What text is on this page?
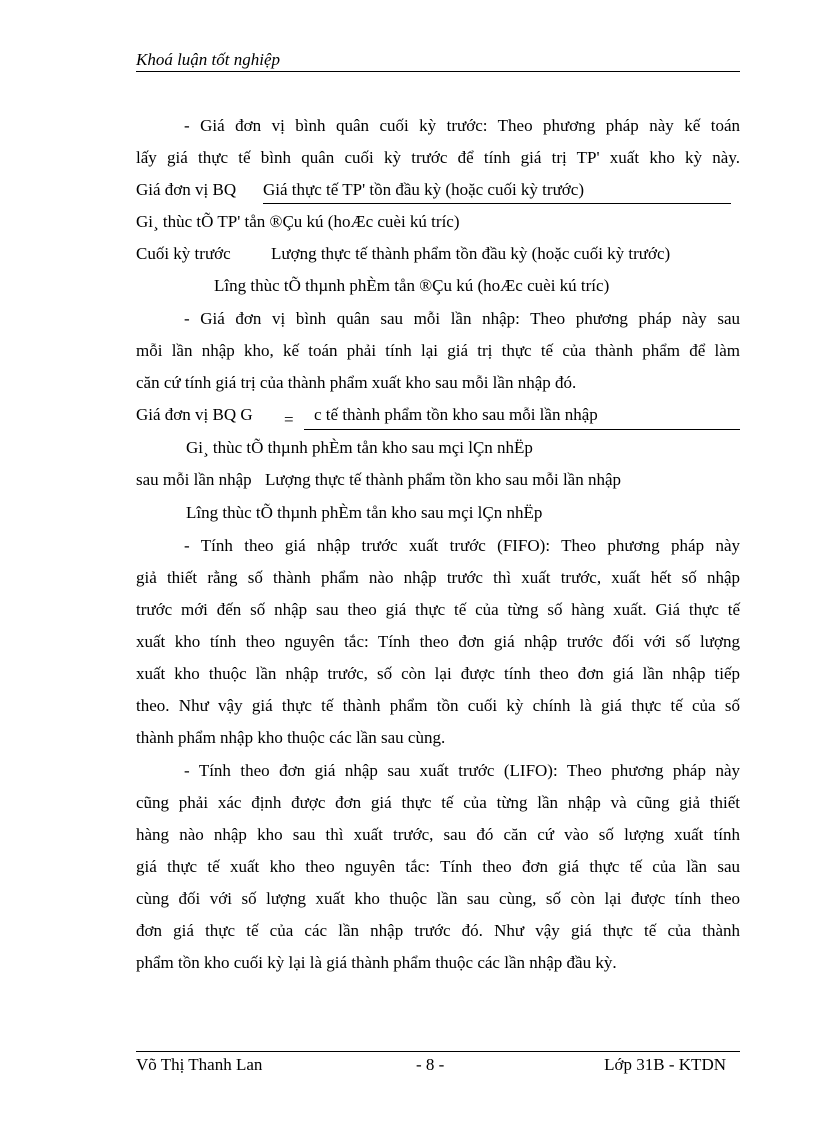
Khoá luận tốt nghiệp
- Giá đơn vị bình quân cuối kỳ trước: Theo phương pháp này kế toán
lấy giá thực tế bình quân cuối kỳ trước để tính giá trị TP' xuất kho kỳ này.
Giá đơn vị BQ Giá thực tế TP' tồn đầu kỳ (hoặc cuối kỳ trước)
Gi¸ thùc tÕ TP' tån ®Çu kú (hoÆc cuèi kú tríc)
Cuối kỳ trước Lượng thực tế thành phẩm tồn đầu kỳ (hoặc cuối kỳ trước)
Lîng thùc tÕ thµnh phÈm tån ®Çu kú (hoÆc cuèi kú tríc)
- Giá đơn vị bình quân sau mỗi lần nhập: Theo phương pháp này sau
mỗi lần nhập kho, kế toán phải tính lại giá trị thực tế của thành phẩm để làm
căn cứ tính giá trị của thành phẩm xuất kho sau mỗi lần nhập đó.
Giá đơn vị BQ G = c tế thành phẩm tồn kho sau mỗi lần nhập
Gi¸ thùc tÕ thµnh phÈm tån kho sau mçi lÇn nhËp
sau mỗi lần nhập Lượng thực tế thành phẩm tồn kho sau mỗi lần nhập
Lîng thùc tÕ thµnh phÈm tån kho sau mçi lÇn nhËp
- Tính theo giá nhập trước xuất trước (FIFO): Theo phương pháp này
giả thiết rằng số thành phẩm nào nhập trước thì xuất trước, xuất hết số nhập
trước mới đến số nhập sau theo giá thực tế của từng số hàng xuất. Giá thực tế
xuất kho tính theo nguyên tắc: Tính theo đơn giá nhập trước đối với số lượng
xuất kho thuộc lần nhập trước, số còn lại được tính theo đơn giá lần nhập tiếp
theo. Như vậy giá thực tế thành phẩm tồn cuối kỳ chính là giá thực tế của số
thành phẩm nhập kho thuộc các lần sau cùng.
- Tính theo đơn giá nhập sau xuất trước (LIFO): Theo phương pháp này
cũng phải xác định được đơn giá thực tế của từng lần nhập và cũng giả thiết
hàng nào nhập kho sau thì xuất trước, sau đó căn cứ vào số lượng xuất tính
giá thực tế xuất kho theo nguyên tắc: Tính theo đơn giá thực tế của lần sau
cùng đối với số lượng xuất kho thuộc lần sau cùng, số còn lại được tính theo
đơn giá thực tế của các lần nhập trước đó. Như vậy giá thực tế của thành
phẩm tồn kho cuối kỳ lại là giá thành phẩm thuộc các lần nhập đầu kỳ.
Võ Thị Thanh Lan	- 8 -	Lớp 31B - KTDN
